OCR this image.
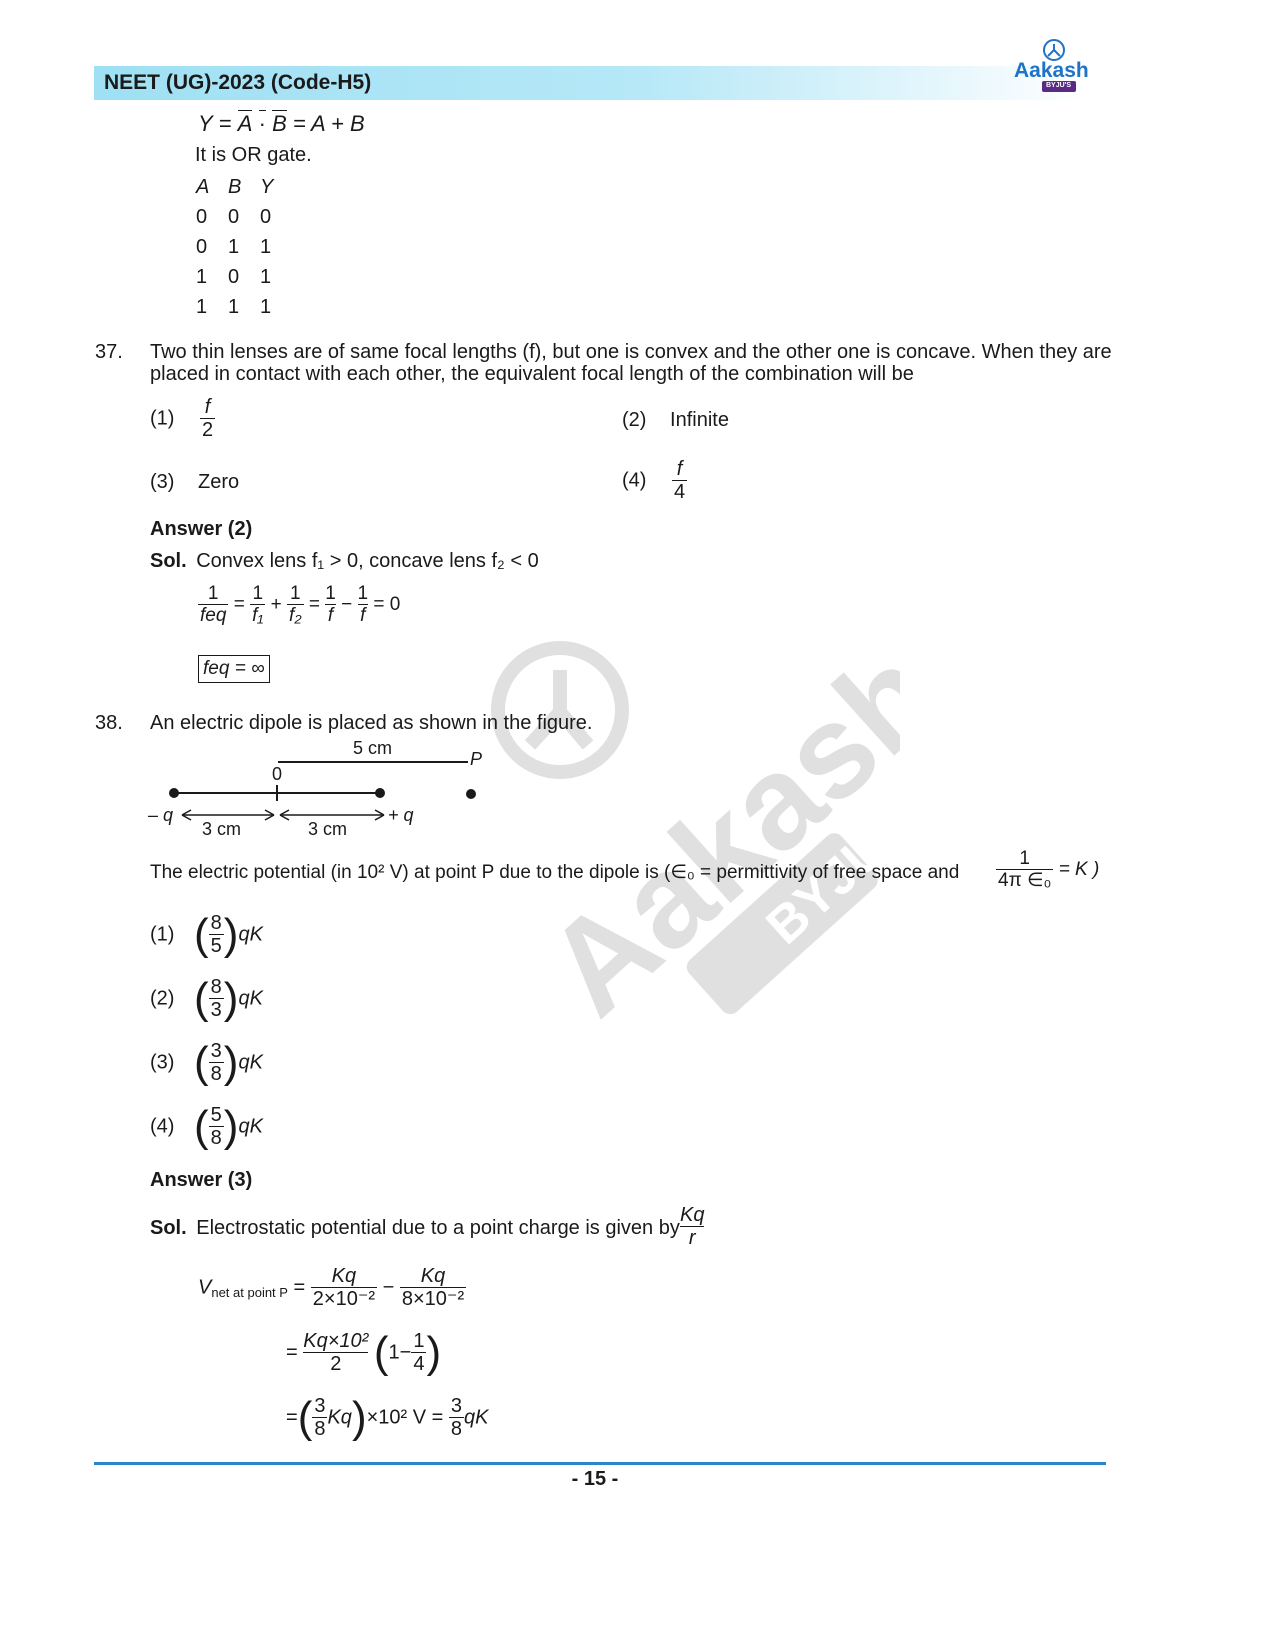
NEET (UG)-2023 (Code-H5)
Aakash
BYJU'S
Aakash
BYJU'S
Y = A · B = A + B
It is OR gate.
A B Y
0	0	0
0	1	1
1	0	1
1	1	1
37. Two thin lenses are of same focal lengths (f), but one is convex and the other one is concave. When they are
placed in contact with each other, the equivalent focal length of the combination will be
$(1) \frac{f}{2}$	(2) Infinite
(3) Zero	$(4) \frac{f}{4}$
Answer (2)
Sol. Convex lens f₁ > 0, concave lens f₂ < 0
$\frac{1}{\text{feq}} = \frac{1}{\text{f₁}} + \frac{1}{\text{f₂}} = \frac{1}{f} - \frac{1}{f} = 0$
feq = ∞
38. An electric dipole is placed as shown in the figure.
5 cm
0
P
– q	+ q
3 cm	3 cm
The electric potential (in 10² V) at point P due to the dipole is (∈₀ = permittivity of free space and $\frac{1}{\text{4π ∈₀}} = K$ )
(1) ( $\frac{8}{5} )qK$
(2) ( $\frac{8}{3} )qK$
(3) ( $\frac{3}{8} )qK$
(4) ( $\frac{5}{8} )qK$
Answer (3)
Sol. Electrostatic potential due to a point charge is given by $\frac{Kq}{r}$
$V_{net at point P} = \frac{Kq}{\text{2×10⁻²}} - \frac{Kq}{\text{8×10⁻²}}$
= $\frac{\text{Kq×10²}}{2} (1- \frac{1}{4}$ )
=( $\frac{3}{8} Kq)\times 10^2$ $V = \frac{3}{8}$ qK
- 15 -
